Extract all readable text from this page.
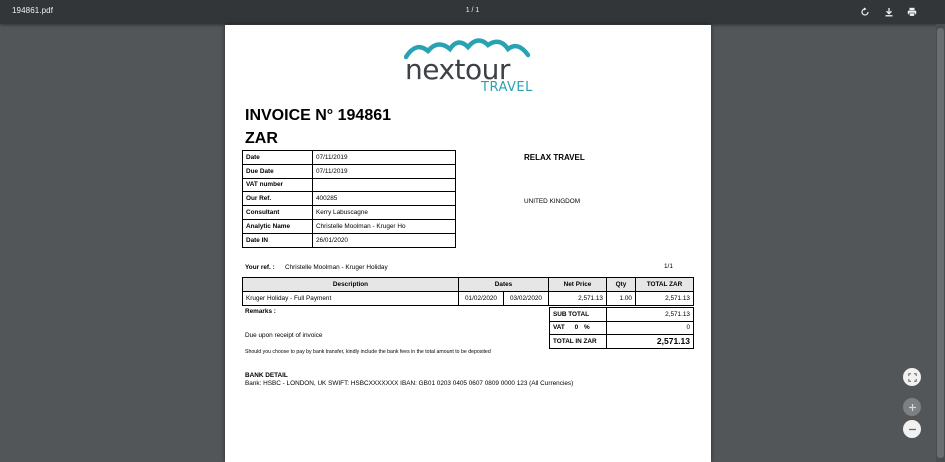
194861.pdf	1 / 1
nextour
TRAVEL
INVOICE N° 194861
ZAR
Date	07/11/2019
Due Date	07/11/2019
VAT number	
Our Ref.	400285
Consultant	Kerry Labuscagne
Analytic Name	Christelle Moolman - Kruger Ho
Date IN	26/01/2020
RELAX TRAVEL
UNITED KINGDOM
Your ref. : Christelle Moolman - Kruger Holiday	1/1
Description	Dates		Net Price	Qty	TOTAL ZAR
Kruger Holiday - Full Payment	01/02/2020	03/02/2020	2,571.13	1.00	2,571.13
Remarks :
Due upon receipt of invoice
Should you choose to pay by bank transfer, kindly include the bank fees in the total amount to be deposited
BANK DETAIL
Bank: HSBC - LONDON, UK SWIFT: HSBCXXXXXXX IBAN: GB01 0203 0405 0607 0809 0000 123 (All Currencies)
SUB TOTAL	2,571.13
VAT 0 %	0
TOTAL IN ZAR	2,571.13
